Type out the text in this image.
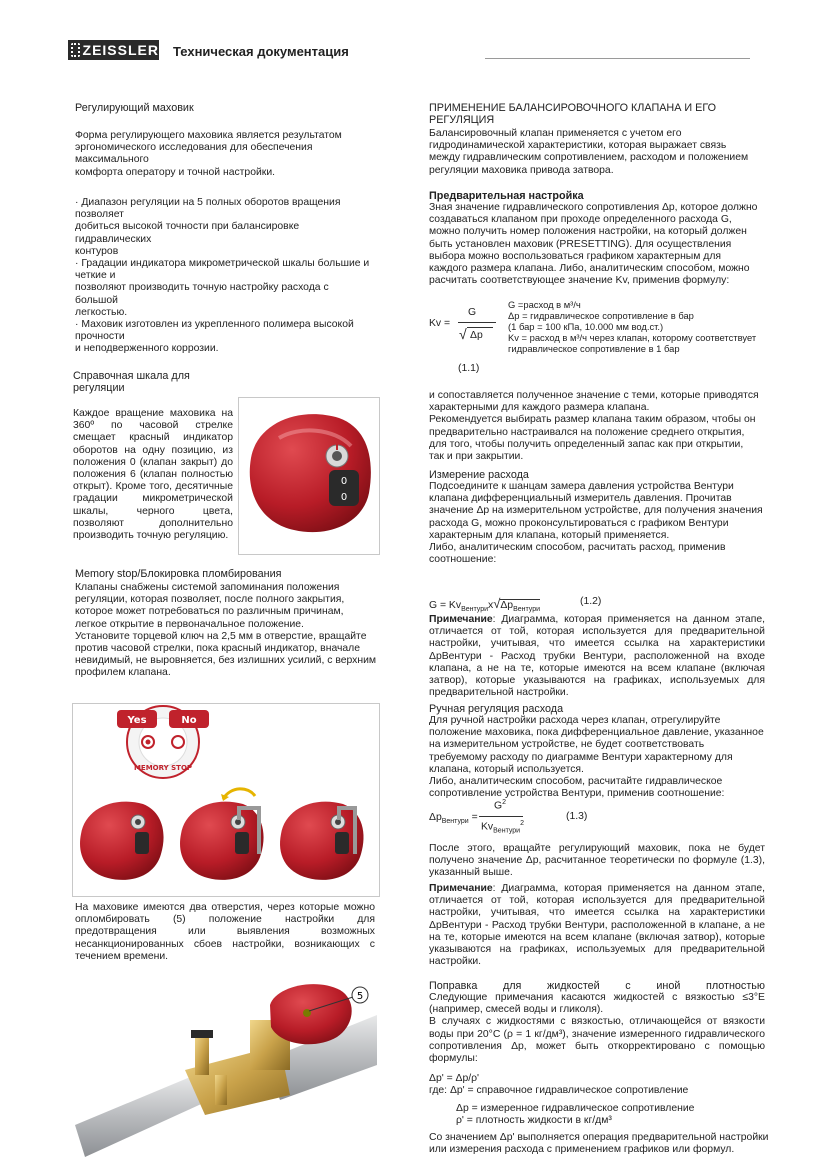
ZEISSLER Техническая документация
Регулирующий маховик

Форма регулирующего маховика является результатом
эргономического исследования для обеспечения
максимального
комфорта оператору и точной настройки.

· Диапазон регуляции на 5 полных оборотов вращения
позволяет
добиться высокой точности при балансировке
гидравлических
контуров
· Градации индикатора микрометрической шкалы большие и
четкие и
позволяют производить точную настройку расхода с
большой
легкостью.
· Маховик изготовлен из укрепленного полимера высокой
прочности
и неподверженного коррозии.

Справочная шкала для
регуляции

Каждое вращение маховика на 360º по часовой стрелке смещает красный индикатор оборотов на одну позицию, из положения 0 (клапан закрыт) до положения 6 (клапан полностью открыт). Кроме того, десятичные градации микрометрической шкалы, черного цвета, позволяют дополнительно производить точную регуляцию.

0
0
Memory stop/Блокировка пломбирования

Клапаны снабжены системой запоминания положения
регуляции, которая позволяет, после полного закрытия,
которое может потребоваться по различным причинам,
легкое открытие в первоначальное положение.
Установите торцевой ключ на 2,5 мм в отверстие, вращайте
против часовой стрелки, пока красный индикатор, вначале
невидимый, не выровняется, без излишних усилий, с верхним
профилем клапана.

Yes	No
MEMORY STOP

На маховике имеются два отверстия, через которые можно опломбировать (5) положение настройки для предотвращения или выявления возможных несанкционированных сбоев настройки, возникающих с течением времени.

5
ПРИМЕНЕНИЕ БАЛАНСИРОВОЧНОГО КЛАПАНА И ЕГО
РЕГУЛЯЦИЯ

Балансировочный клапан применяется с учетом его
гидродинамической характеристики, которая выражает связь
между гидравлическим сопротивлением, расходом и положением
регуляции маховика привода затвора.

Предварительная настройка

Зная значение гидравлического сопротивления Δр, которое должно
создаваться клапаном при проходе определенного расхода G,
можно получить номер положения настройки, на который должен
быть установлен маховик (PRESETTING). Для осуществления
выбора можно воспользоваться графиком характерным для
каждого размера клапана. Либо, аналитическим способом, можно
расчитать соответствующее значение Kv, применив формулу:

Kv =
G
√ Δp
(1.1)

G =расход в м³/ч
Δр = гидравлическое сопротивление в бар
(1 бар = 100 кПа, 10.000 мм вод.ст.)
Kv = расход в м³/ч через клапан, которому соответствует
гидравлическое сопротивление в 1 бар

и сопоставляется полученное значение с теми, которые приводятся
характерными для каждого размера клапана.
Рекомендуется выбирать размер клапана таким образом, чтобы он
предварительно настраивался на положение среднего открытия,
для того, чтобы получить определенный запас как при открытии,
так и при закрытии.

Измерение расхода

Подсоедините к шанцам замера давления устройства Вентури
клапана дифференциальный измеритель давления. Прочитав
значение Δр на измерительном устройстве, для получения значения
расхода G, можно проконсультироваться с графиком Вентури
характерным для клапана, который применяется.
Либо, аналитическим способом, расчитать расход, применив
соотношение:

$G = Kv_{Вентури}x√\Delta р_{Вентури}$
(1.2)

Примечание: Диаграмма, которая применяется на данном этапе, отличается от той, которая используется для предварительной настройки, учитывая, что имеется ссылка на характеристики ΔрВентури - Расход трубки Вентури, расположенной на входе клапана, а не на те, которые имеются на всем клапане (включая затвор), которые указываются на графиках, используемых для предварительной настройки.

Ручная регуляция расхода

Для ручной настройки расхода через клапан, отрегулируйте
положение маховика, пока дифференциальное давление, указанное
на измерительном устройстве, не будет соответствовать
требуемому расходу по диаграмме Вентури характерному для
клапана, который используется.
Либо, аналитическим способом, расчитайте гидравлическое
сопротивление устройства Вентури, применив соотношение:

$\Delta р_{Вентури}$ =
$G^2$
$Kv_{Вентури}^2$
(1.3)

После этого, вращайте регулирующий маховик, пока не будет получено значение Δр, расчитанное теоретически по формуле (1.3), указанный выше.

Примечание: Диаграмма, которая применяется на данном этапе, отличается от той, которая используется для предварительной настройки, учитывая, что имеется ссылка на характеристики ΔрВентури - Расход трубки Вентури, расположенной в клапане, а не на те, которые имеются на всем клапане (включая затвор), которые указываются на графиках, используемых для предварительной настройки.

Поправка для жидкостей с иной плотностью

Следующие примечания касаются жидкостей с вязкостью ≤3°E (например, смесей воды и гликоля).
В случаях с жидкостями с вязкостью, отличающейся от вязкости воды при 20°C (ρ = 1 кг/дм³), значение измеренного гидравлического сопротивления Δр, может быть откорректировано с помощью формулы:

Δр' = Δр/ρ'

где: Δр' = справочное гидравлическое сопротивление

Δр = измеренное гидравлическое сопротивление

ρ' = плотность жидкости в кг/дм³

Со значением Δр' выполняется операция предварительной настройки
или измерения расхода с применением графиков или формул.
